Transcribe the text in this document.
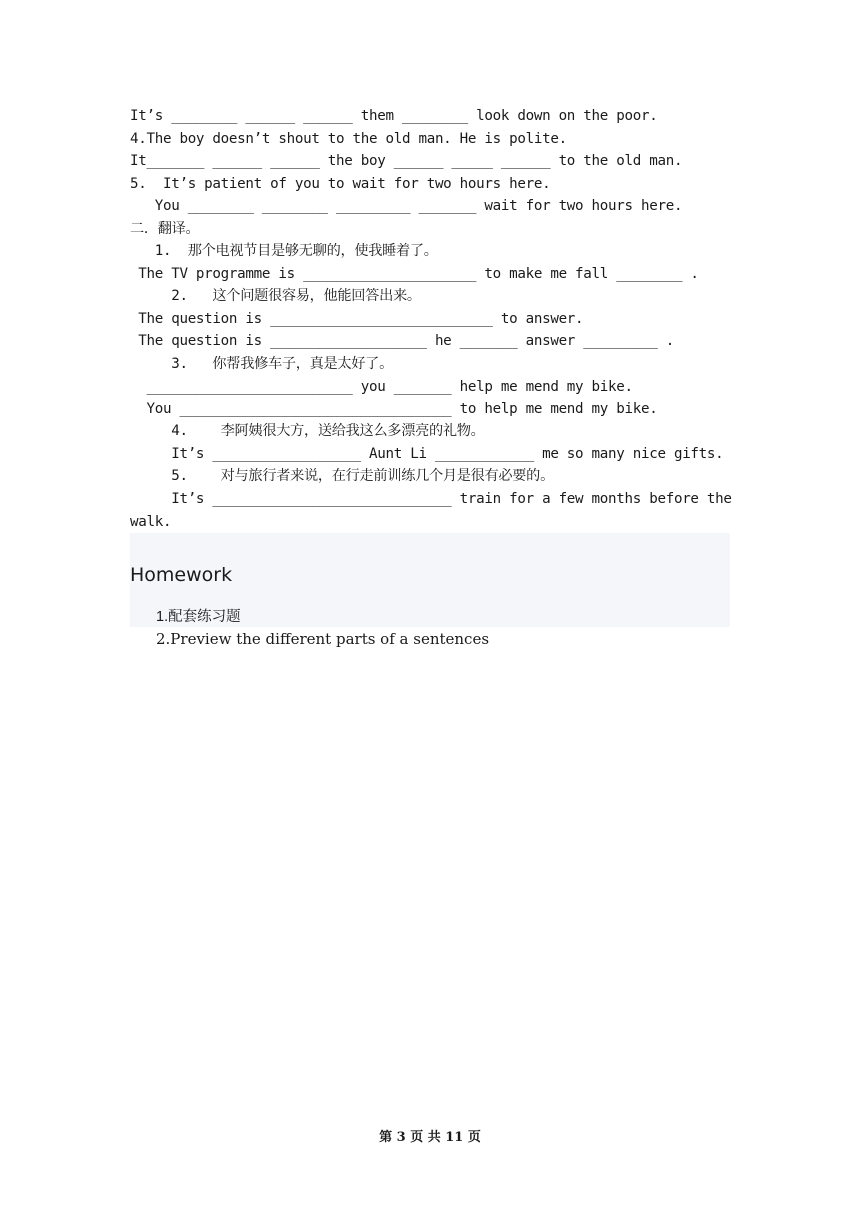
It’s ________ ______ ______ them ________ look down on the poor.

4.The boy doesn’t shout to the old man. He is polite.

It_______ ______ ______ the boy ______ _____ ______ to the old man.

5.  It’s patient of you to wait for two hours here.

You ________ ________ _________ _______ wait for two hours here.

二．翻译。

1.  那个电视节目是够无聊的，使我睡着了。

The TV programme is _____________________ to make me fall ________ .

2.   这个问题很容易，他能回答出来。

The question is ___________________________ to answer.

The question is ___________________ he _______ answer _________ .

3.   你帮我修车子，真是太好了。

_________________________ you _______ help me mend my bike.

You _________________________________ to help me mend my bike.

4.    李阿姨很大方，送给我这么多漂亮的礼物。

It’s __________________ Aunt Li ____________ me so many nice gifts.

5.    对与旅行者来说，在行走前训练几个月是很有必要的。

It’s _____________________________ train for a few months before the

walk.

Homework

1.配套练习题

2.Preview the different parts of a sentences

第 3 页 共 11 页
